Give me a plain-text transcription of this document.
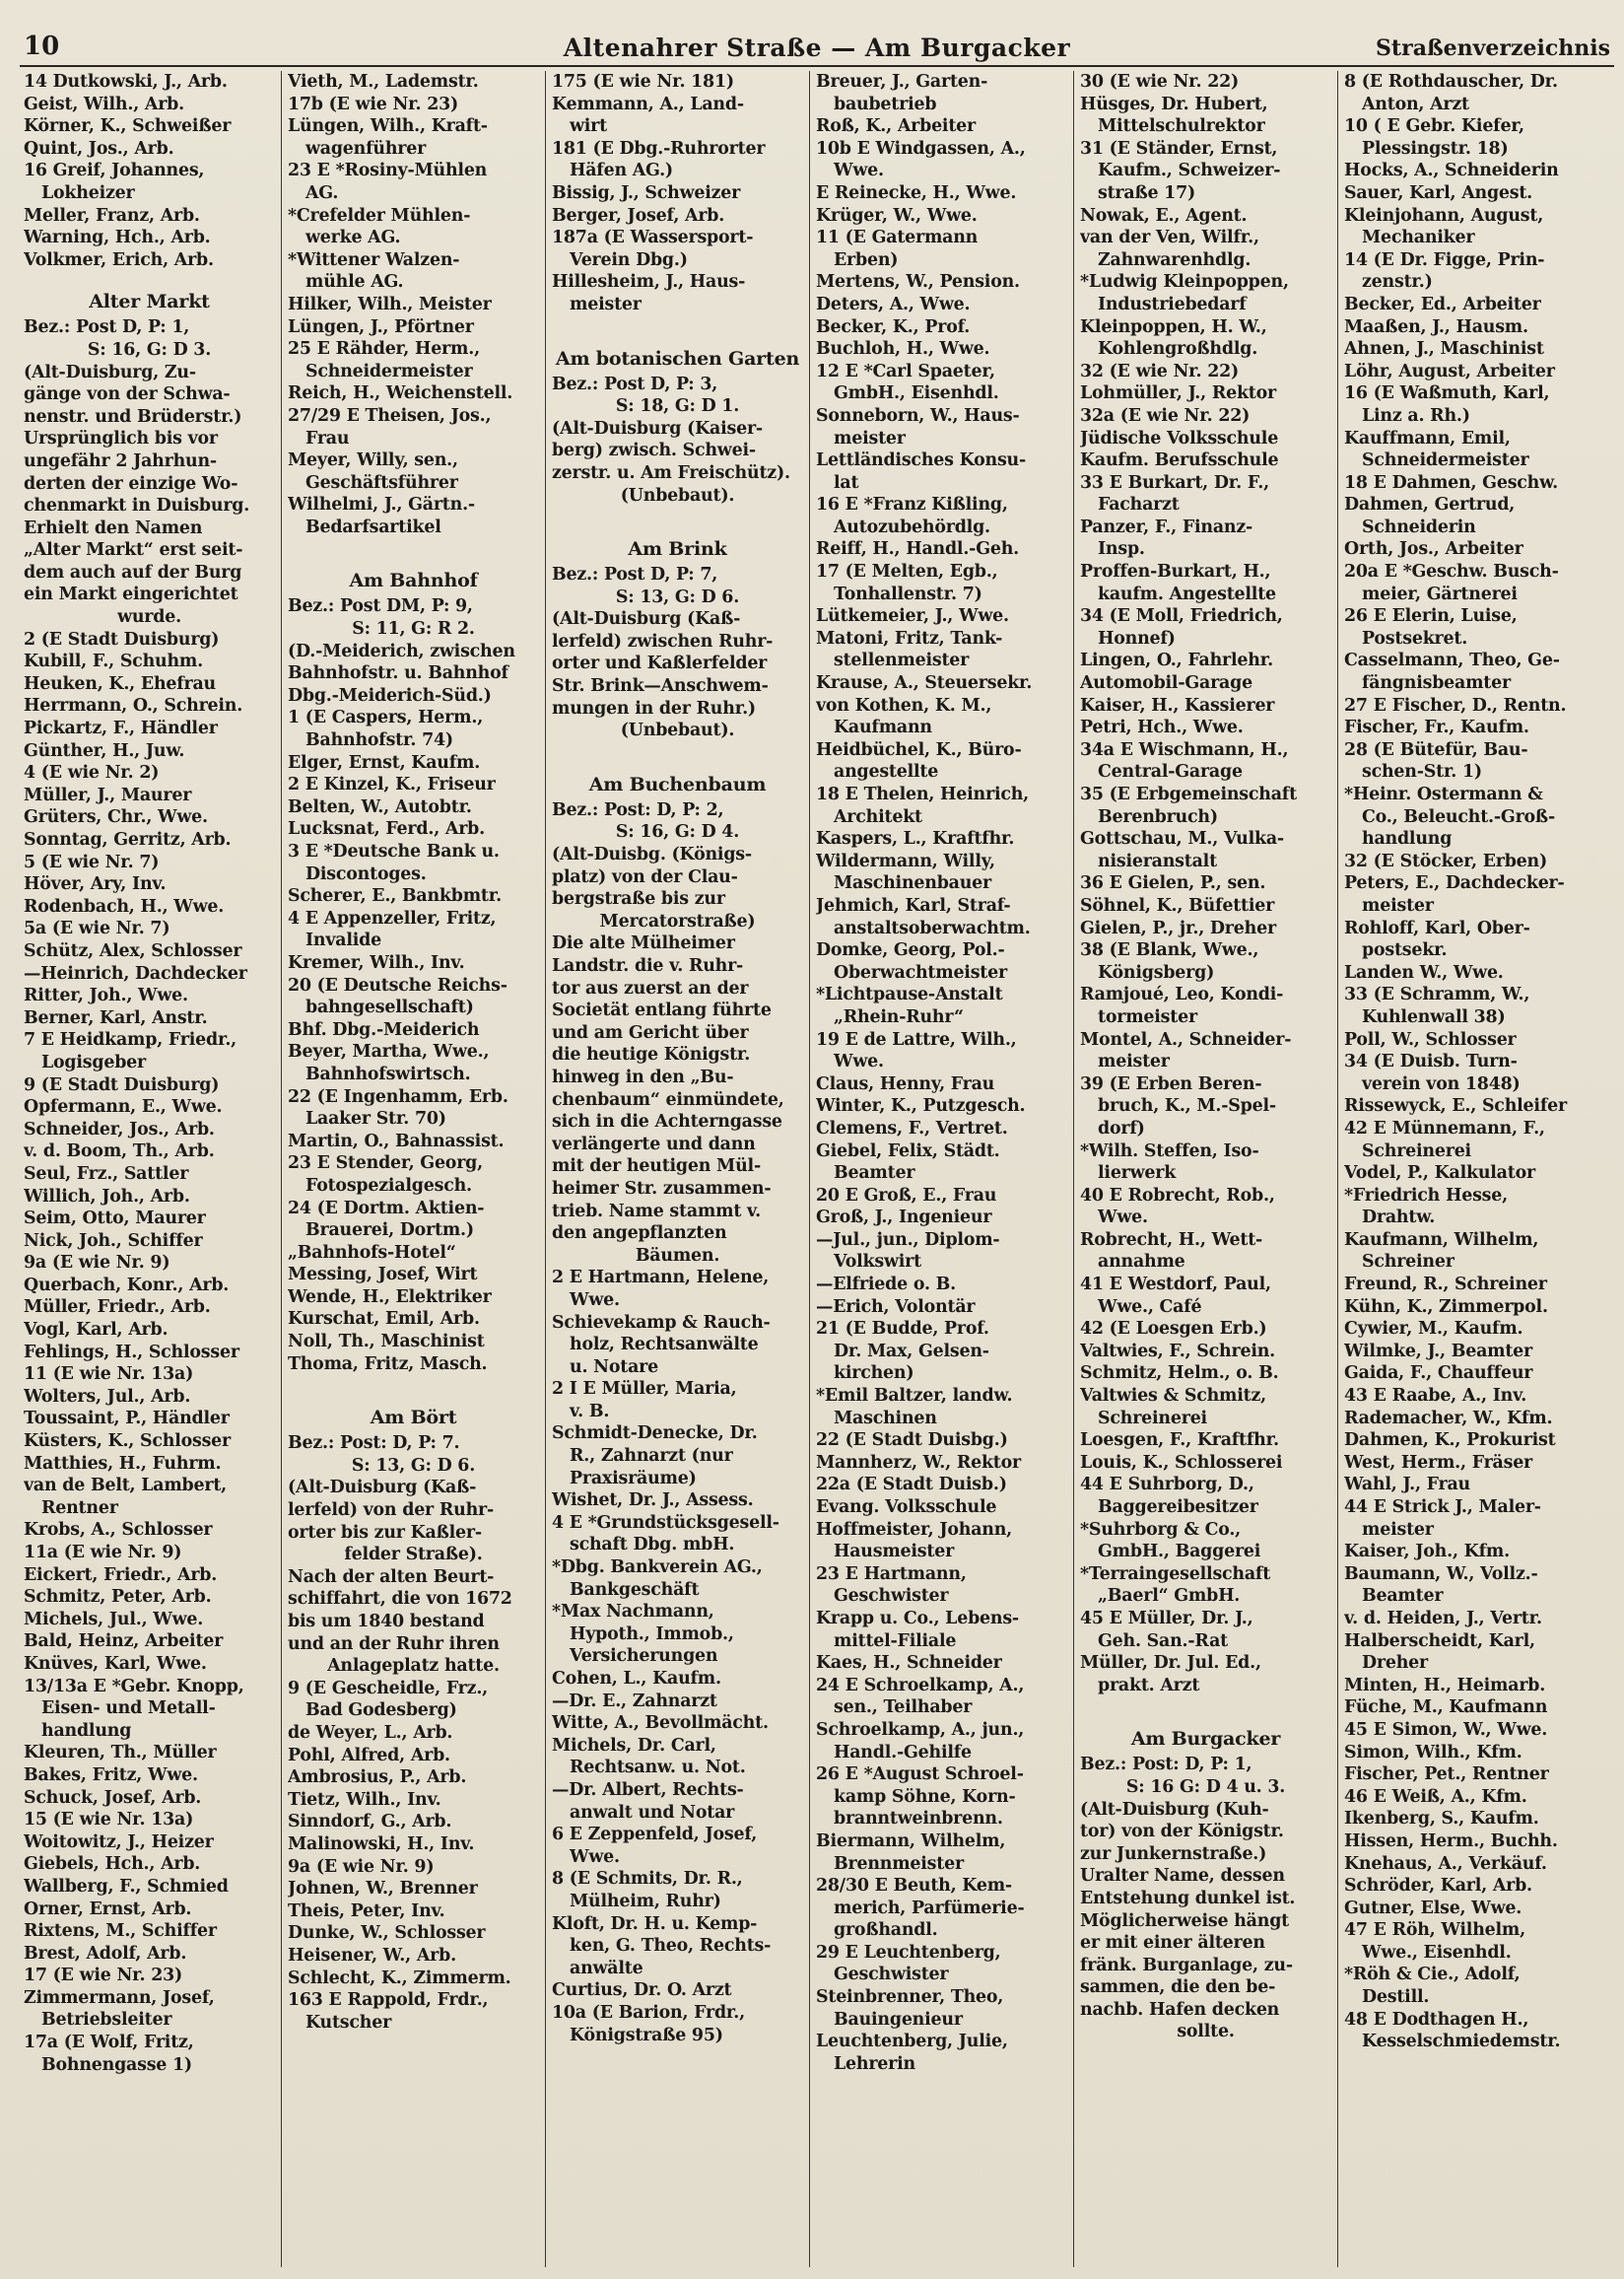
10	Altenahrer Straße — Am Burgacker	Straßenverzeichnis
14 Dutkowski, J., Arb.
Geist, Wilh., Arb.
Körner, K., Schweißer
Quint, Jos., Arb.
16 Greif, Johannes,
Lokheizer
Meller, Franz, Arb.
Warning, Hch., Arb.
Volkmer, Erich, Arb.
Alter Markt
Bez.: Post D, P: 1,
S: 16, G: D 3.
(Alt-Duisburg, Zu-
gänge von der Schwa-
nenstr. und Brüderstr.)
Ursprünglich bis vor
ungefähr 2 Jahrhun-
derten der einzige Wo-
chenmarkt in Duisburg.
Erhielt den Namen
„Alter Markt“ erst seit-
dem auch auf der Burg
ein Markt eingerichtet
wurde.
2 (E Stadt Duisburg)
Kubill, F., Schuhm.
Heuken, K., Ehefrau
Herrmann, O., Schrein.
Pickartz, F., Händler
Günther, H., Juw.
4 (E wie Nr. 2)
Müller, J., Maurer
Grüters, Chr., Wwe.
Sonntag, Gerritz, Arb.
5 (E wie Nr. 7)
Höver, Ary, Inv.
Rodenbach, H., Wwe.
5a (E wie Nr. 7)
Schütz, Alex, Schlosser
—Heinrich, Dachdecker
Ritter, Joh., Wwe.
Berner, Karl, Anstr.
7 E Heidkamp, Friedr.,
Logisgeber
9 (E Stadt Duisburg)
Opfermann, E., Wwe.
Schneider, Jos., Arb.
v. d. Boom, Th., Arb.
Seul, Frz., Sattler
Willich, Joh., Arb.
Seim, Otto, Maurer
Nick, Joh., Schiffer
9a (E wie Nr. 9)
Querbach, Konr., Arb.
Müller, Friedr., Arb.
Vogl, Karl, Arb.
Fehlings, H., Schlosser
11 (E wie Nr. 13a)
Wolters, Jul., Arb.
Toussaint, P., Händler
Küsters, K., Schlosser
Matthies, H., Fuhrm.
van de Belt, Lambert,
Rentner
Krobs, A., Schlosser
11a (E wie Nr. 9)
Eickert, Friedr., Arb.
Schmitz, Peter, Arb.
Michels, Jul., Wwe.
Bald, Heinz, Arbeiter
Knüves, Karl, Wwe.
13/13a E *Gebr. Knopp,
Eisen- und Metall-
handlung
Kleuren, Th., Müller
Bakes, Fritz, Wwe.
Schuck, Josef, Arb.
15 (E wie Nr. 13a)
Woitowitz, J., Heizer
Giebels, Hch., Arb.
Wallberg, F., Schmied
Orner, Ernst, Arb.
Rixtens, M., Schiffer
Brest, Adolf, Arb.
17 (E wie Nr. 23)
Zimmermann, Josef,
Betriebsleiter
17a (E Wolf, Fritz,
Bohnengasse 1)
Vieth, M., Lademstr.
17b (E wie Nr. 23)
Lüngen, Wilh., Kraft-
wagenführer
23 E *Rosiny-Mühlen
AG.
*Crefelder Mühlen-
werke AG.
*Wittener Walzen-
mühle AG.
Hilker, Wilh., Meister
Lüngen, J., Pförtner
25 E Rähder, Herm.,
Schneidermeister
Reich, H., Weichenstell.
27/29 E Theisen, Jos.,
Frau
Meyer, Willy, sen.,
Geschäftsführer
Wilhelmi, J., Gärtn.-
Bedarfsartikel
Am Bahnhof
Bez.: Post DM, P: 9,
S: 11, G: R 2.
(D.-Meiderich, zwischen
Bahnhofstr. u. Bahnhof
Dbg.-Meiderich-Süd.)
1 (E Caspers, Herm.,
Bahnhofstr. 74)
Elger, Ernst, Kaufm.
2 E Kinzel, K., Friseur
Belten, W., Autobtr.
Lucksnat, Ferd., Arb.
3 E *Deutsche Bank u.
Discontoges.
Scherer, E., Bankbmtr.
4 E Appenzeller, Fritz,
Invalide
Kremer, Wilh., Inv.
20 (E Deutsche Reichs-
bahngesellschaft)
Bhf. Dbg.-Meiderich
Beyer, Martha, Wwe.,
Bahnhofswirtsch.
22 (E Ingenhamm, Erb.
Laaker Str. 70)
Martin, O., Bahnassist.
23 E Stender, Georg,
Fotospezialgesch.
24 (E Dortm. Aktien-
Brauerei, Dortm.)
„Bahnhofs-Hotel“
Messing, Josef, Wirt
Wende, H., Elektriker
Kurschat, Emil, Arb.
Noll, Th., Maschinist
Thoma, Fritz, Masch.
Am Bört
Bez.: Post: D, P: 7.
S: 13, G: D 6.
(Alt-Duisburg (Kaß-
lerfeld) von der Ruhr-
orter bis zur Kaßler-
felder Straße).
Nach der alten Beurt-
schiffahrt, die von 1672
bis um 1840 bestand
und an der Ruhr ihren
Anlageplatz hatte.
9 (E Gescheidle, Frz.,
Bad Godesberg)
de Weyer, L., Arb.
Pohl, Alfred, Arb.
Ambrosius, P., Arb.
Tietz, Wilh., Inv.
Sinndorf, G., Arb.
Malinowski, H., Inv.
9a (E wie Nr. 9)
Johnen, W., Brenner
Theis, Peter, Inv.
Dunke, W., Schlosser
Heisener, W., Arb.
Schlecht, K., Zimmerm.
163 E Rappold, Frdr.,
Kutscher
175 (E wie Nr. 181)
Kemmann, A., Land-
wirt
181 (E Dbg.-Ruhrorter
Häfen AG.)
Bissig, J., Schweizer
Berger, Josef, Arb.
187a (E Wassersport-
Verein Dbg.)
Hillesheim, J., Haus-
meister
Am botanischen Garten
Bez.: Post D, P: 3,
S: 18, G: D 1.
(Alt-Duisburg (Kaiser-
berg) zwisch. Schwei-
zerstr. u. Am Freischütz).
(Unbebaut).
Am Brink
Bez.: Post D, P: 7,
S: 13, G: D 6.
(Alt-Duisburg (Kaß-
lerfeld) zwischen Ruhr-
orter und Kaßlerfelder
Str. Brink—Anschwem-
mungen in der Ruhr.)
(Unbebaut).
Am Buchenbaum
Bez.: Post: D, P: 2,
S: 16, G: D 4.
(Alt-Duisbg. (Königs-
platz) von der Clau-
bergstraße bis zur
Mercatorstraße)
Die alte Mülheimer
Landstr. die v. Ruhr-
tor aus zuerst an der
Societät entlang führte
und am Gericht über
die heutige Königstr.
hinweg in den „Bu-
chenbaum“ einmündete,
sich in die Achterngasse
verlängerte und dann
mit der heutigen Mül-
heimer Str. zusammen-
trieb. Name stammt v.
den angepflanzten
Bäumen.
2 E Hartmann, Helene,
Wwe.
Schievekamp & Rauch-
holz, Rechtsanwälte
u. Notare
2 I E Müller, Maria,
v. B.
Schmidt-Denecke, Dr.
R., Zahnarzt (nur
Praxisräume)
Wishet, Dr. J., Assess.
4 E *Grundstücksgesell-
schaft Dbg. mbH.
*Dbg. Bankverein AG.,
Bankgeschäft
*Max Nachmann,
Hypoth., Immob.,
Versicherungen
Cohen, L., Kaufm.
—Dr. E., Zahnarzt
Witte, A., Bevollmächt.
Michels, Dr. Carl,
Rechtsanw. u. Not.
—Dr. Albert, Rechts-
anwalt und Notar
6 E Zeppenfeld, Josef,
Wwe.
8 (E Schmits, Dr. R.,
Mülheim, Ruhr)
Kloft, Dr. H. u. Kemp-
ken, G. Theo, Rechts-
anwälte
Curtius, Dr. O. Arzt
10a (E Barion, Frdr.,
Königstraße 95)
Breuer, J., Garten-
baubetrieb
Roß, K., Arbeiter
10b E Windgassen, A.,
Wwe.
E Reinecke, H., Wwe.
Krüger, W., Wwe.
11 (E Gatermann
Erben)
Mertens, W., Pension.
Deters, A., Wwe.
Becker, K., Prof.
Buchloh, H., Wwe.
12 E *Carl Spaeter,
GmbH., Eisenhdl.
Sonneborn, W., Haus-
meister
Lettländisches Konsu-
lat
16 E *Franz Kißling,
Autozubehördlg.
Reiff, H., Handl.-Geh.
17 (E Melten, Egb.,
Tonhallenstr. 7)
Lütkemeier, J., Wwe.
Matoni, Fritz, Tank-
stellenmeister
Krause, A., Steuersekr.
von Kothen, K. M.,
Kaufmann
Heidbüchel, K., Büro-
angestellte
18 E Thelen, Heinrich,
Architekt
Kaspers, L., Kraftfhr.
Wildermann, Willy,
Maschinenbauer
Jehmich, Karl, Straf-
anstaltsoberwachtm.
Domke, Georg, Pol.-
Oberwachtmeister
*Lichtpause-Anstalt
„Rhein-Ruhr“
19 E de Lattre, Wilh.,
Wwe.
Claus, Henny, Frau
Winter, K., Putzgesch.
Clemens, F., Vertret.
Giebel, Felix, Städt.
Beamter
20 E Groß, E., Frau
Groß, J., Ingenieur
—Jul., jun., Diplom-
Volkswirt
—Elfriede o. B.
—Erich, Volontär
21 (E Budde, Prof.
Dr. Max, Gelsen-
kirchen)
*Emil Baltzer, landw.
Maschinen
22 (E Stadt Duisbg.)
Mannherz, W., Rektor
22a (E Stadt Duisb.)
Evang. Volksschule
Hoffmeister, Johann,
Hausmeister
23 E Hartmann,
Geschwister
Krapp u. Co., Lebens-
mittel-Filiale
Kaes, H., Schneider
24 E Schroelkamp, A.,
sen., Teilhaber
Schroelkamp, A., jun.,
Handl.-Gehilfe
26 E *August Schroel-
kamp Söhne, Korn-
branntweinbrenn.
Biermann, Wilhelm,
Brennmeister
28/30 E Beuth, Kem-
merich, Parfümerie-
großhandl.
29 E Leuchtenberg,
Geschwister
Steinbrenner, Theo,
Bauingenieur
Leuchtenberg, Julie,
Lehrerin
30 (E wie Nr. 22)
Hüsges, Dr. Hubert,
Mittelschulrektor
31 (E Ständer, Ernst,
Kaufm., Schweizer-
straße 17)
Nowak, E., Agent.
van der Ven, Wilfr.,
Zahnwarenhdlg.
*Ludwig Kleinpoppen,
Industriebedarf
Kleinpoppen, H. W.,
Kohlengroßhdlg.
32 (E wie Nr. 22)
Lohmüller, J., Rektor
32a (E wie Nr. 22)
Jüdische Volksschule
Kaufm. Berufsschule
33 E Burkart, Dr. F.,
Facharzt
Panzer, F., Finanz-
Insp.
Proffen-Burkart, H.,
kaufm. Angestellte
34 (E Moll, Friedrich,
Honnef)
Lingen, O., Fahrlehr.
Automobil-Garage
Kaiser, H., Kassierer
Petri, Hch., Wwe.
34a E Wischmann, H.,
Central-Garage
35 (E Erbgemeinschaft
Berenbruch)
Gottschau, M., Vulka-
nisieranstalt
36 E Gielen, P., sen.
Söhnel, K., Büfettier
Gielen, P., jr., Dreher
38 (E Blank, Wwe.,
Königsberg)
Ramjoué, Leo, Kondi-
tormeister
Montel, A., Schneider-
meister
39 (E Erben Beren-
bruch, K., M.-Spel-
dorf)
*Wilh. Steffen, Iso-
lierwerk
40 E Robrecht, Rob.,
Wwe.
Robrecht, H., Wett-
annahme
41 E Westdorf, Paul,
Wwe., Café
42 (E Loesgen Erb.)
Valtwies, F., Schrein.
Schmitz, Helm., o. B.
Valtwies & Schmitz,
Schreinerei
Loesgen, F., Kraftfhr.
Louis, K., Schlosserei
44 E Suhrborg, D.,
Baggereibesitzer
*Suhrborg & Co.,
GmbH., Baggerei
*Terraingesellschaft
„Baerl“ GmbH.
45 E Müller, Dr. J.,
Geh. San.-Rat
Müller, Dr. Jul. Ed.,
prakt. Arzt
Am Burgacker
Bez.: Post: D, P: 1,
S: 16 G: D 4 u. 3.
(Alt-Duisburg (Kuh-
tor) von der Königstr.
zur Junkernstraße.)
Uralter Name, dessen
Entstehung dunkel ist.
Möglicherweise hängt
er mit einer älteren
fränk. Burganlage, zu-
sammen, die den be-
nachb. Hafen decken
sollte.
8 (E Rothdauscher, Dr.
Anton, Arzt
10 ( E Gebr. Kiefer,
Plessingstr. 18)
Hocks, A., Schneiderin
Sauer, Karl, Angest.
Kleinjohann, August,
Mechaniker
14 (E Dr. Figge, Prin-
zenstr.)
Becker, Ed., Arbeiter
Maaßen, J., Hausm.
Ahnen, J., Maschinist
Löhr, August, Arbeiter
16 (E Waßmuth, Karl,
Linz a. Rh.)
Kauffmann, Emil,
Schneidermeister
18 E Dahmen, Geschw.
Dahmen, Gertrud,
Schneiderin
Orth, Jos., Arbeiter
20a E *Geschw. Busch-
meier, Gärtnerei
26 E Elerin, Luise,
Postsekret.
Casselmann, Theo, Ge-
fängnisbeamter
27 E Fischer, D., Rentn.
Fischer, Fr., Kaufm.
28 (E Bütefür, Bau-
schen-Str. 1)
*Heinr. Ostermann &
Co., Beleucht.-Groß-
handlung
32 (E Stöcker, Erben)
Peters, E., Dachdecker-
meister
Rohloff, Karl, Ober-
postsekr.
Landen W., Wwe.
33 (E Schramm, W.,
Kuhlenwall 38)
Poll, W., Schlosser
34 (E Duisb. Turn-
verein von 1848)
Rissewyck, E., Schleifer
42 E Münnemann, F.,
Schreinerei
Vodel, P., Kalkulator
*Friedrich Hesse,
Drahtw.
Kaufmann, Wilhelm,
Schreiner
Freund, R., Schreiner
Kühn, K., Zimmerpol.
Cywier, M., Kaufm.
Wilmke, J., Beamter
Gaida, F., Chauffeur
43 E Raabe, A., Inv.
Rademacher, W., Kfm.
Dahmen, K., Prokurist
West, Herm., Fräser
Wahl, J., Frau
44 E Strick J., Maler-
meister
Kaiser, Joh., Kfm.
Baumann, W., Vollz.-
Beamter
v. d. Heiden, J., Vertr.
Halberscheidt, Karl,
Dreher
Minten, H., Heimarb.
Füche, M., Kaufmann
45 E Simon, W., Wwe.
Simon, Wilh., Kfm.
Fischer, Pet., Rentner
46 E Weiß, A., Kfm.
Ikenberg, S., Kaufm.
Hissen, Herm., Buchh.
Knehaus, A., Verkäuf.
Schröder, Karl, Arb.
Gutner, Else, Wwe.
47 E Röh, Wilhelm,
Wwe., Eisenhdl.
*Röh & Cie., Adolf,
Destill.
48 E Dodthagen H.,
Kesselschmiedemstr.
